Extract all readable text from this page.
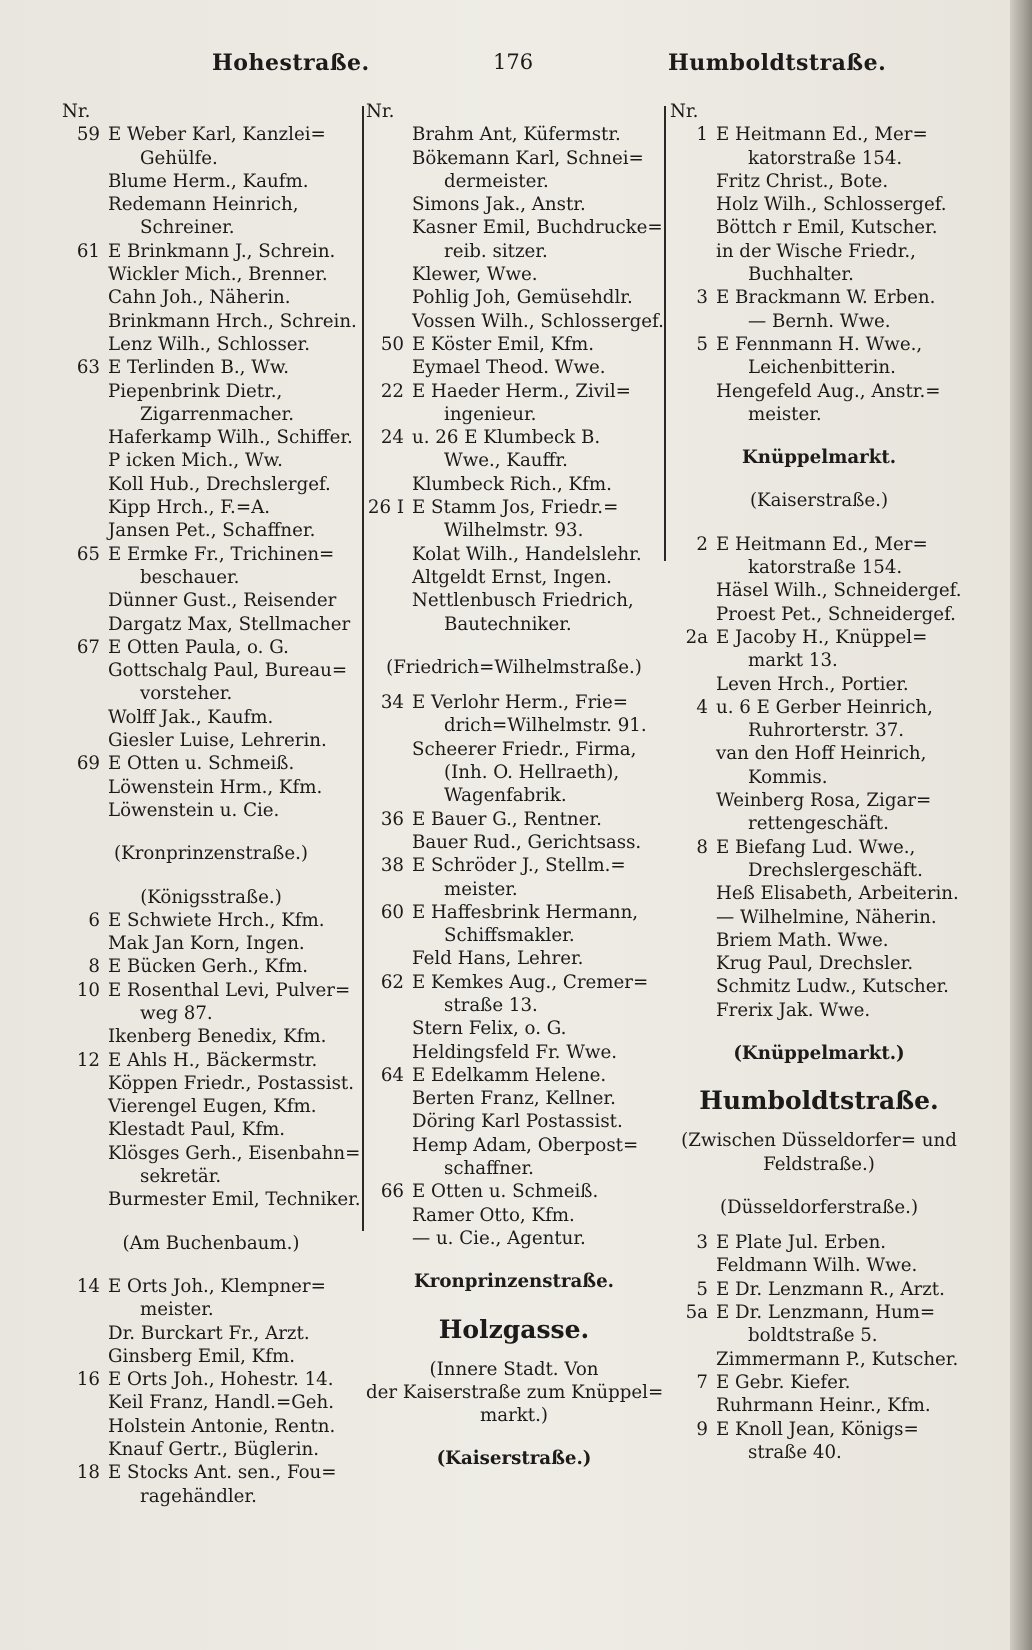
Hohestraße.	176	Humboldtstraße.
Nr.
59 E Weber Karl, Kanzlei=
Gehülfe.
Blume Herm., Kaufm.
Redemann Heinrich,
Schreiner.
61 E Brinkmann J., Schrein.
Wickler Mich., Brenner.
Cahn Joh., Näherin.
Brinkmann Hrch., Schrein.
Lenz Wilh., Schlosser.
63 E Terlinden B., Ww.
Piepenbrink Dietr.,
Zigarrenmacher.
Haferkamp Wilh., Schiffer.
P icken Mich., Ww.
Koll Hub., Drechslergef.
Kipp Hrch., F.=A.
Jansen Pet., Schaffner.
65 E Ermke Fr., Trichinen=
beschauer.
Dünner Gust., Reisender
Dargatz Max, Stellmacher
67 E Otten Paula, o. G.
Gottschalg Paul, Bureau=
vorsteher.
Wolff Jak., Kaufm.
Giesler Luise, Lehrerin.
69 E Otten u. Schmeiß.
Löwenstein Hrm., Kfm.
Löwenstein u. Cie.
(Kronprinzenstraße.)
(Königsstraße.)
6 E Schwiete Hrch., Kfm.
Mak Jan Korn, Ingen.
8 E Bücken Gerh., Kfm.
10 E Rosenthal Levi, Pulver=
weg 87.
Ikenberg Benedix, Kfm.
12 E Ahls H., Bäckermstr.
Köppen Friedr., Postassist.
Vierengel Eugen, Kfm.
Klestadt Paul, Kfm.
Klösges Gerh., Eisenbahn=
sekretär.
Burmester Emil, Techniker.
(Am Buchenbaum.)
14 E Orts Joh., Klempner=
meister.
Dr. Burckart Fr., Arzt.
Ginsberg Emil, Kfm.
16 E Orts Joh., Hohestr. 14.
Keil Franz, Handl.=Geh.
Holstein Antonie, Rentn.
Knauf Gertr., Büglerin.
18 E Stocks Ant. sen., Fou=
ragehändler.
Nr.
Brahm Ant, Küfermstr.
Bökemann Karl, Schnei=
dermeister.
Simons Jak., Anstr.
Kasner Emil, Buchdrucke=
reib. sitzer.
Klewer, Wwe.
Pohlig Joh, Gemüsehdlr.
Vossen Wilh., Schlossergef.
50 E Köster Emil, Kfm.
Eymael Theod. Wwe.
22 E Haeder Herm., Zivil=
ingenieur.
24 u. 26 E Klumbeck B.
Wwe., Kauffr.
Klumbeck Rich., Kfm.
26 I E Stamm Jos, Friedr.=
Wilhelmstr. 93.
Kolat Wilh., Handelslehr.
Altgeldt Ernst, Ingen.
Nettlenbusch Friedrich,
Bautechniker.
(Friedrich=Wilhelmstraße.)
34 E Verlohr Herm., Frie=
drich=Wilhelmstr. 91.
Scheerer Friedr., Firma,
(Inh. O. Hellraeth),
Wagenfabrik.
36 E Bauer G., Rentner.
Bauer Rud., Gerichtsass.
38 E Schröder J., Stellm.=
meister.
60 E Haffesbrink Hermann,
Schiffsmakler.
Feld Hans, Lehrer.
62 E Kemkes Aug., Cremer=
straße 13.
Stern Felix, o. G.
Heldingsfeld Fr. Wwe.
64 E Edelkamm Helene.
Berten Franz, Kellner.
Döring Karl Postassist.
Hemp Adam, Oberpost=
schaffner.
66 E Otten u. Schmeiß.
Ramer Otto, Kfm.
— u. Cie., Agentur.
Kronprinzenstraße.
Holzgasse.
(Innere Stadt. Von
der Kaiserstraße zum Knüppel=
markt.)
(Kaiserstraße.)
Nr.
1 E Heitmann Ed., Mer=
katorstraße 154.
Fritz Christ., Bote.
Holz Wilh., Schlossergef.
Böttch r Emil, Kutscher.
in der Wische Friedr.,
Buchhalter.
3 E Brackmann W. Erben.
— Bernh. Wwe.
5 E Fennmann H. Wwe.,
Leichenbitterin.
Hengefeld Aug., Anstr.=
meister.
Knüppelmarkt.
(Kaiserstraße.)
2 E Heitmann Ed., Mer=
katorstraße 154.
Häsel Wilh., Schneidergef.
Proest Pet., Schneidergef.
2a E Jacoby H., Knüppel=
markt 13.
Leven Hrch., Portier.
4 u. 6 E Gerber Heinrich,
Ruhrorterstr. 37.
van den Hoff Heinrich,
Kommis.
Weinberg Rosa, Zigar=
rettengeschäft.
8 E Biefang Lud. Wwe.,
Drechslergeschäft.
Heß Elisabeth, Arbeiterin.
— Wilhelmine, Näherin.
Briem Math. Wwe.
Krug Paul, Drechsler.
Schmitz Ludw., Kutscher.
Frerix Jak. Wwe.
(Knüppelmarkt.)
Humboldtstraße.
(Zwischen Düsseldorfer= und
Feldstraße.)
(Düsseldorferstraße.)
3 E Plate Jul. Erben.
Feldmann Wilh. Wwe.
5 E Dr. Lenzmann R., Arzt.
5a E Dr. Lenzmann, Hum=
boldtstraße 5.
Zimmermann P., Kutscher.
7 E Gebr. Kiefer.
Ruhrmann Heinr., Kfm.
9 E Knoll Jean, Königs=
straße 40.
